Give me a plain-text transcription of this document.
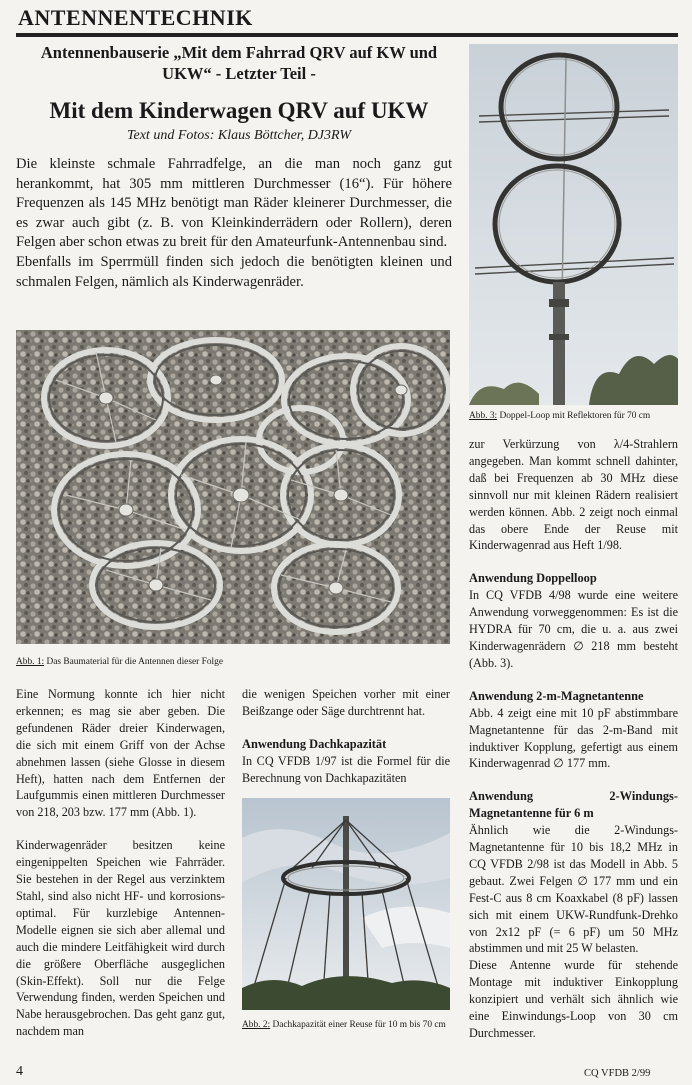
ANTENNENTECHNIK
Antennenbauserie „Mit dem Fahrrad QRV auf KW und UKW“ - Letzter Teil -
Mit dem Kinderwagen QRV auf UKW
Text und Fotos: Klaus Böttcher, DJ3RW

Die kleinste schmale Fahrradfelge, an die man noch ganz gut herankommt, hat 305 mm mittleren Durchmesser (16“). Für höhere Frequenzen als 145 MHz benötigt man Räder kleinerer Durchmesser, die es zwar auch gibt (z. B. von Kleinkinderrädern oder Rollern), deren Felgen aber schon etwas zu breit für den Amateurfunk-Antennenbau sind.

Ebenfalls im Sperrmüll finden sich jedoch die benötigten kleinen und schmalen Felgen, nämlich als Kinderwagenräder.

Abb. 1: Das Baumaterial für die Antennen dieser Folge

Eine Normung konnte ich hier nicht erkennen; es mag sie aber geben. Die gefundenen Räder dreier Kinderwagen, die sich mit einem Griff von der Achse abnehmen lassen (siehe Glosse in diesem Heft), hatten nach dem Entfernen der Laufgummis einen mittleren Durchmesser von 218, 203 bzw. 177 mm (Abb. 1).

Kinderwagenräder besitzen keine eingenippelten Speichen wie Fahrräder. Sie bestehen in der Regel aus verzinktem Stahl, sind also nicht HF- und korrosions-optimal. Für kurzlebige Antennen-Modelle eignen sie sich aber allemal und auch die mindere Leitfähigkeit wird durch die größere Oberfläche ausgeglichen (Skin-Effekt). Soll nur die Felge Verwendung finden, werden Speichen und Nabe herausgebrochen. Das geht ganz gut, nachdem man

die wenigen Speichen vorher mit einer Beißzange oder Säge durchtrennt hat.

Anwendung Dachkapazität

In CQ VFDB 1/97 ist die Formel für die Berechnung von Dachkapazitäten

Abb. 2: Dachkapazität einer Reuse für 10 m bis 70 cm
Abb. 3: Doppel-Loop mit Reflektoren für 70 cm

zur Verkürzung von λ/4-Strahlern angegeben. Man kommt schnell dahinter, daß bei Frequenzen ab 30 MHz diese sinnvoll nur mit kleinen Rädern realisiert werden können. Abb. 2 zeigt noch einmal das obere Ende der Reuse mit Kinderwagenrad aus Heft 1/98.

Anwendung Doppelloop

In CQ VFDB 4/98 wurde eine weitere Anwendung vorweggenommen: Es ist die HYDRA für 70 cm, die u. a. aus zwei Kinderwagenrädern ∅ 218 mm besteht (Abb. 3).

Anwendung 2-m-Magnetantenne

Abb. 4 zeigt eine mit 10 pF abstimmbare Magnetantenne für das 2-m-Band mit induktiver Kopplung, gefertigt aus einem Kinderwagenrad ∅ 177 mm.

Anwendung 2-Windungs-Magnetantenne für 6 m

Ähnlich wie die 2-Windungs-Magnetantenne für 10 bis 18,2 MHz in CQ VFDB 2/98 ist das Modell in Abb. 5 gebaut. Zwei Felgen ∅ 177 mm und ein Fest-C aus 8 cm Koaxkabel (8 pF) lassen sich mit einem UKW-Rundfunk-Drehko von 2x12 pF (= 6 pF) um 50 MHz abstimmen und mit 25 W belasten.

Diese Antenne wurde für stehende Montage mit induktiver Einkopplung konzipiert und verhält sich ähnlich wie eine Einwindungs-Loop von 30 cm Durchmesser.

4	CQ VFDB 2/99
